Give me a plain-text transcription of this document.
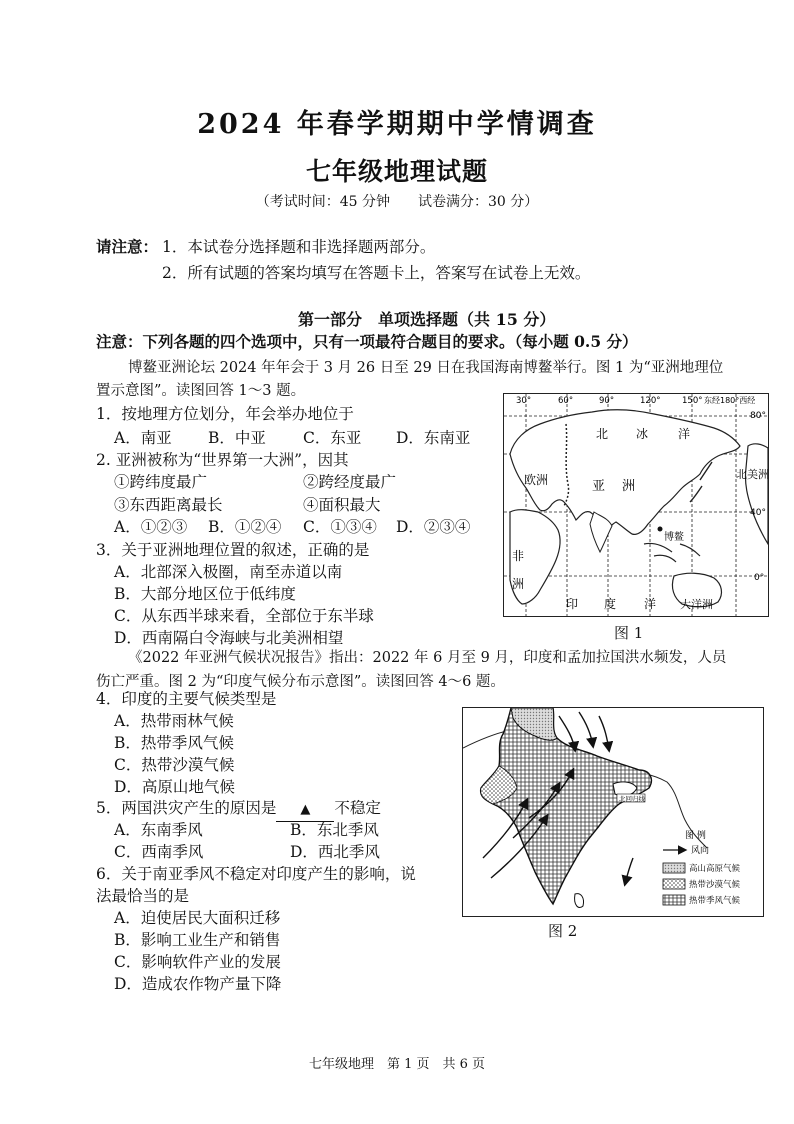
2024 年春学期期中学情调查
七年级地理试题
（考试时间：45 分钟　　试卷满分：30 分）
请注意： 1．本试卷分选择题和非选择题两部分。
2．所有试题的答案均填写在答题卡上，答案写在试卷上无效。
第一部分　单项选择题（共 15 分）
注意：下列各题的四个选项中，只有一项最符合题目的要求。（每小题 0.5 分）
博鳌亚洲论坛 2024 年年会于 3 月 26 日至 29 日在我国海南博鳌举行。图 1 为“亚洲地理位
置示意图”。读图回答 1～3 题。
1．按地理方位划分，年会举办地位于
A．南亚 B．中亚 C．东亚 D．东南亚
2. 亚洲被称为“世界第一大洲”，因其
①跨纬度最广	②跨经度最广
③东西距离最长	④面积最大
A．①②③ B．①②④ C．①③④ D．②③④
3．关于亚洲地理位置的叙述，正确的是
A．北部深入极圈，南至赤道以南
B．大部分地区位于低纬度
C．从东西半球来看，全部位于东半球
D．西南隔白令海峡与北美洲相望
80°
40°
0°
30°	60°	90°	120°	150° 东经180°西经
北 冰 洋
欧洲	亚 洲
北美洲
非
洲
博鳌
印 度 洋 大洋洲
图 1
《2022 年亚洲气候状况报告》指出：2022 年 6 月至 9 月，印度和孟加拉国洪水频发，人员
伤亡严重。图 2 为“印度气候分布示意图”。读图回答 4～6 题。
4．印度的主要气候类型是
A．热带雨林气候
B．热带季风气候
C．热带沙漠气候
D．高原山地气候
5．两国洪灾产生的原因是 ▲ 不稳定
A．东南季风	B．东北季风
C．西南季风	D．西北季风
6．关于南亚季风不稳定对印度产生的影响，说
法最恰当的是
A．迫使居民大面积迁移
B．影响工业生产和销售
C．影响软件产业的发展
D．造成农作物产量下降
北回归线
图 例
风向
高山高原气候
热带沙漠气候
热带季风气候
图 2
七年级地理　第 1 页　共 6 页
